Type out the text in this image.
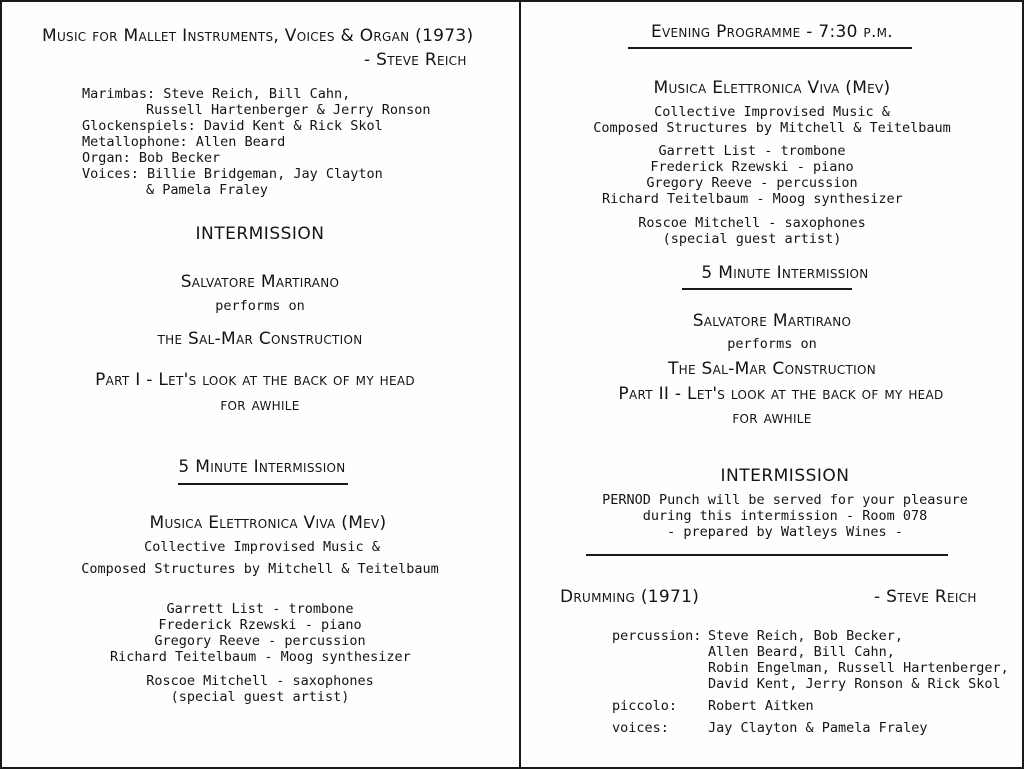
Music for Mallet Instruments, Voices & Organ (1973)
- Steve Reich
Marimbas: Steve Reich, Bill Cahn,
Russell Hartenberger & Jerry Ronson
Glockenspiels: David Kent & Rick Skol
Metallophone: Allen Beard
Organ: Bob Becker
Voices: Billie Bridgeman, Jay Clayton
& Pamela Fraley
INTERMISSION
Salvatore Martirano
performs on
the Sal-Mar Construction
Part I - Let's look at the back of my head
for awhile
5 Minute Intermission
Musica Elettronica Viva (Mev)
Collective Improvised Music &
Composed Structures by Mitchell & Teitelbaum
Garrett List - trombone
Frederick Rzewski - piano
Gregory Reeve - percussion
Richard Teitelbaum - Moog synthesizer
Roscoe Mitchell - saxophones
(special guest artist)
Evening Programme - 7:30 p.m.
Musica Elettronica Viva (Mev)
Collective Improvised Music &
Composed Structures by Mitchell & Teitelbaum
Garrett List - trombone
Frederick Rzewski - piano
Gregory Reeve - percussion
Richard Teitelbaum - Moog synthesizer
Roscoe Mitchell - saxophones
(special guest artist)
5 Minute Intermission
Salvatore Martirano
performs on
The Sal-Mar Construction
Part II - Let's look at the back of my head
for awhile
INTERMISSION
PERNOD Punch will be served for your pleasure
during this intermission - Room 078
- prepared by Watleys Wines -
Drumming (1971)	- Steve Reich
percussion: Steve Reich, Bob Becker,
Allen Beard, Bill Cahn,
Robin Engelman, Russell Hartenberger,
David Kent, Jerry Ronson & Rick Skol
piccolo:	Robert Aitken
voices:	Jay Clayton & Pamela Fraley
